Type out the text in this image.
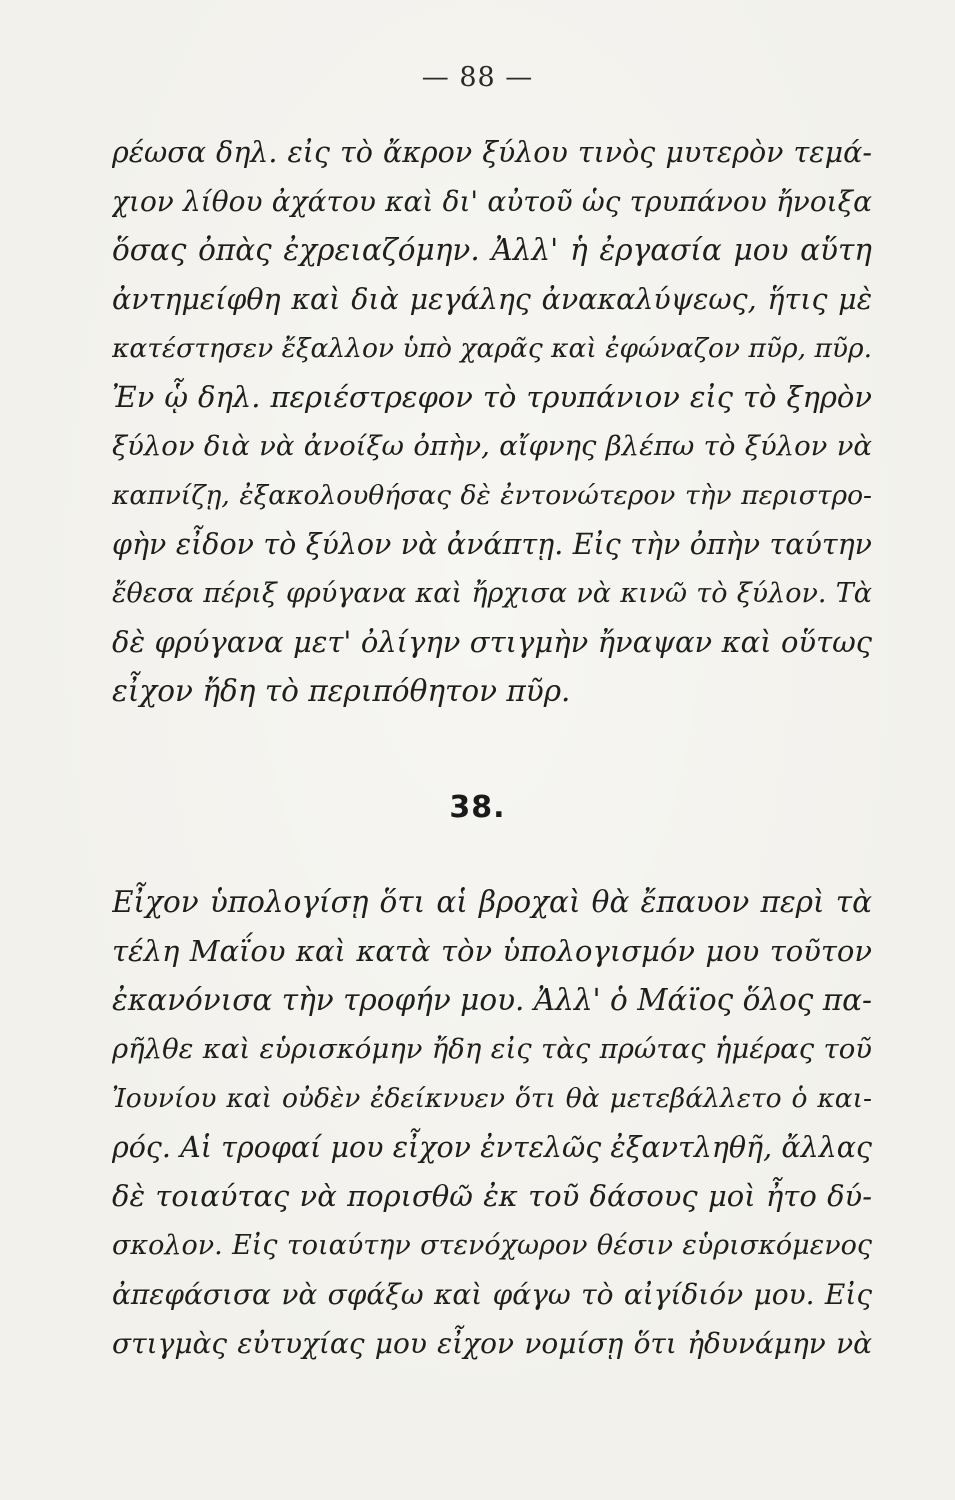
— 88 —
ρέωσα δηλ. εἰς τὸ ἄκρον ξύλου τινὸς μυτερὸν τεμά-
χιον λίθου ἀχάτου καὶ δι' αὐτοῦ ὡς τρυπάνου ἤνοιξα
ὅσας ὀπὰς ἐχρειαζόμην. Ἀλλ' ἡ ἐργασία μου αὕτη
ἀντημείφθη καὶ διὰ μεγάλης ἀνακαλύψεως, ἥτις μὲ
κατέστησεν ἔξαλλον ὑπὸ χαρᾶς καὶ ἐφώναζον πῦρ, πῦρ.
Ἐν ᾧ δηλ. περιέστρεφον τὸ τρυπάνιον εἰς τὸ ξηρὸν
ξύλον διὰ νὰ ἀνοίξω ὀπὴν, αἴφνης βλέπω τὸ ξύλον νὰ
καπνίζῃ, ἐξακολουθήσας δὲ ἐντονώτερον τὴν περιστρο-
φὴν εἶδον τὸ ξύλον νὰ ἀνάπτῃ. Εἰς τὴν ὀπὴν ταύτην
ἔθεσα πέριξ φρύγανα καὶ ἤρχισα νὰ κινῶ τὸ ξύλον. Τὰ
δὲ φρύγανα μετ' ὀλίγην στιγμὴν ἤναψαν καὶ οὕτως
εἶχον ἤδη τὸ περιπόθητον πῦρ.
38.
Εἶχον ὑπολογίσῃ ὅτι αἱ βροχαὶ θὰ ἔπαυον περὶ τὰ
τέλη Μαΐου καὶ κατὰ τὸν ὑπολογισμόν μου τοῦτον
ἐκανόνισα τὴν τροφήν μου. Ἀλλ' ὁ Μάϊος ὅλος πα-
ρῆλθε καὶ εὑρισκόμην ἤδη εἰς τὰς πρώτας ἡμέρας τοῦ
Ἰουνίου καὶ οὐδὲν ἐδείκνυεν ὅτι θὰ μετεβάλλετο ὁ και-
ρός. Αἱ τροφαί μου εἶχον ἐντελῶς ἐξαντληθῆ, ἄλλας
δὲ τοιαύτας νὰ πορισθῶ ἐκ τοῦ δάσους μοὶ ἦτο δύ-
σκολον. Εἰς τοιαύτην στενόχωρον θέσιν εὑρισκόμενος
ἀπεφάσισα νὰ σφάξω καὶ φάγω τὸ αἰγίδιόν μου. Εἰς
στιγμὰς εὐτυχίας μου εἶχον νομίσῃ ὅτι ἠδυνάμην νὰ
